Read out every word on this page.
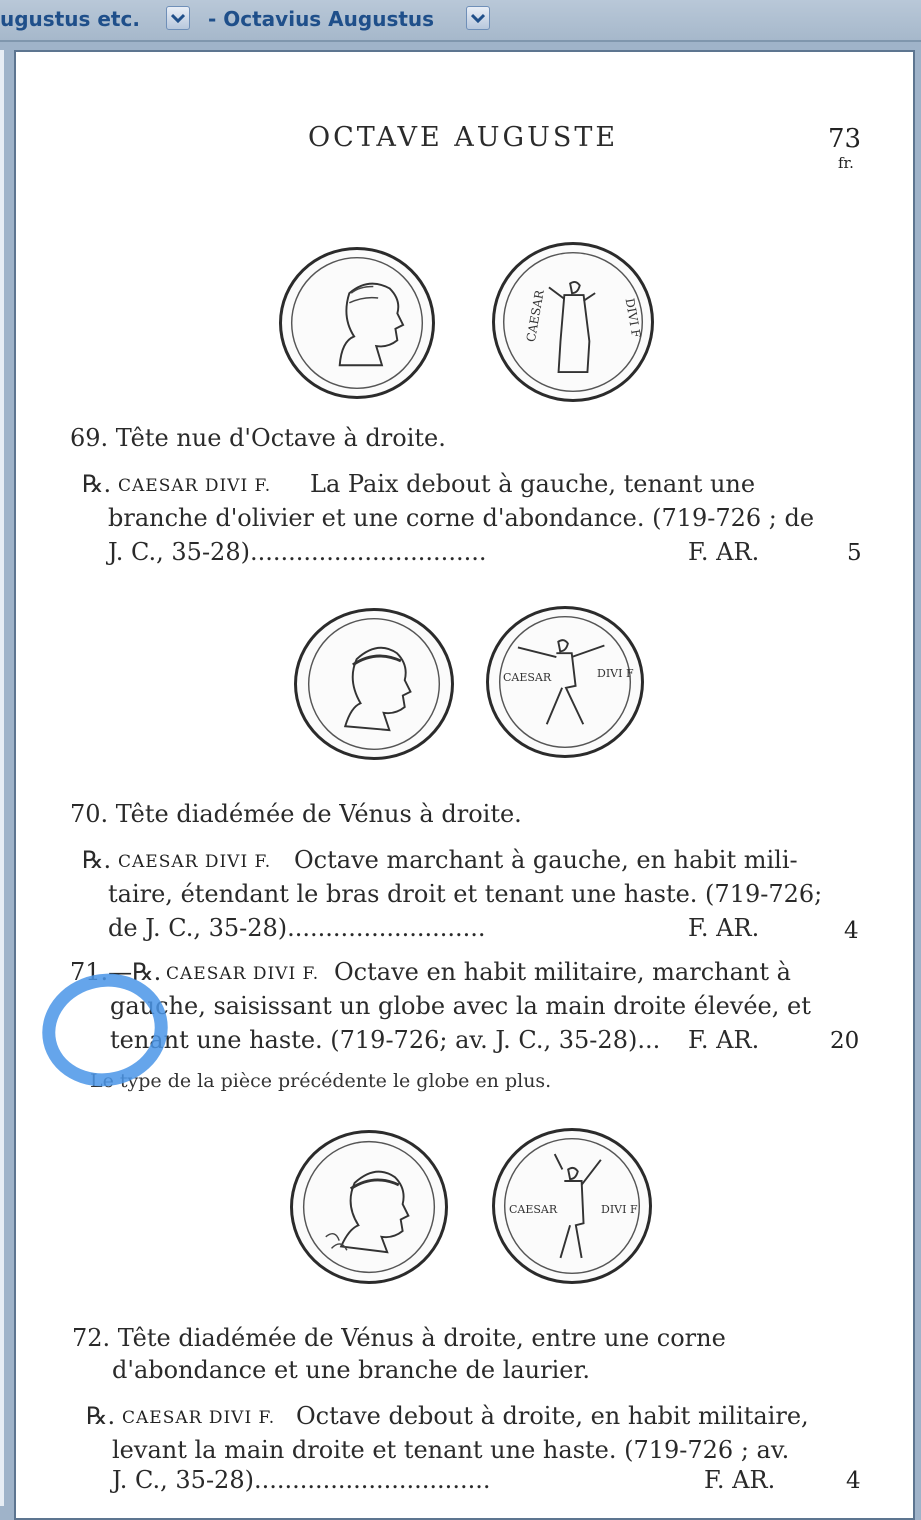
ugustus etc.	- Octavius Augustus
OCTAVE AUGUSTE	73
fr.
CAESAR	DIVI F
69. Tête nue d'Octave à droite.
℞. CAESAR DIVI F. La Paix debout à gauche, tenant une
branche d'olivier et une corne d'abondance. (719-726 ; de
J. C., 35-28)...............................	F. AR.	5
CAESAR	DIVI F
70. Tête diadémée de Vénus à droite.
℞. CAESAR DIVI F. Octave marchant à gauche, en habit mili-
taire, étendant le bras droit et tenant une haste. (719-726;
de J. C., 35-28)..........................	F. AR.	4
71.—℞. CAESAR DIVI F. Octave en habit militaire, marchant à
gauche, saisissant un globe avec la main droite élevée, et
tenant une haste. (719-726; av. J. C., 35-28)... F. AR.	20
Le type de la pièce précédente le globe en plus.
CAESAR	DIVI F
72. Tête diadémée de Vénus à droite, entre une corne
d'abondance et une branche de laurier.
℞. CAESAR DIVI F. Octave debout à droite, en habit militaire,
levant la main droite et tenant une haste. (719-726 ; av.
J. C., 35-28)...............................	F. AR.	4
